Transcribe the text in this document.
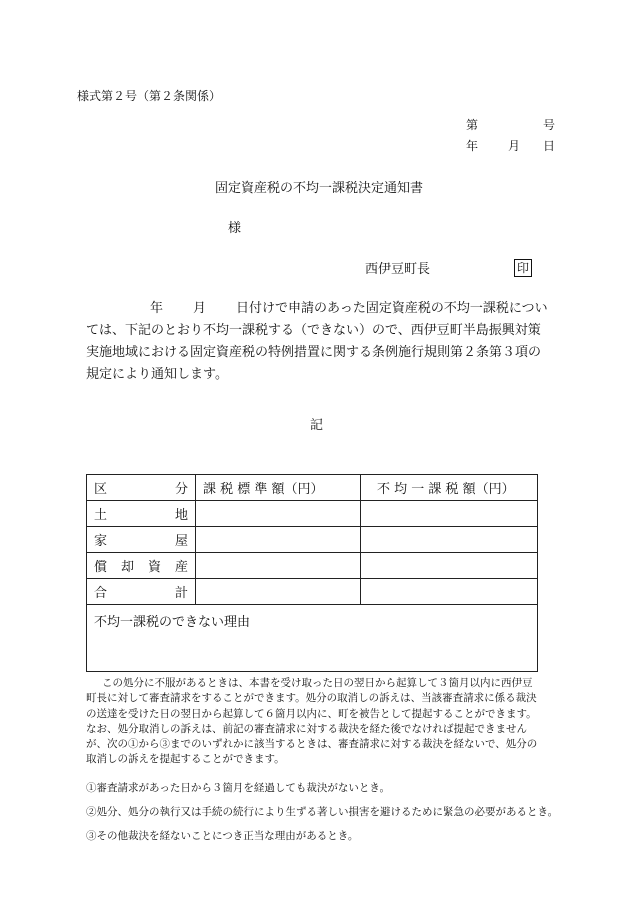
様式第２号（第２条関係）
第	号
年 月 日
固定資産税の不均一課税決定通知書
様
西伊豆町長	印
年 月 日付けで申請のあった固定資産税の不均一課税については、下記のとおり不均一課税する（できない）ので、西伊豆町半島振興対策実施地域における固定資産税の特例措置に関する条例施行規則第２条第３項の規定により通知します。
記
区 分	課 税 標 準 額（円）	不 均 一 課 税 額（円）

土 地		

家 屋		

償 却 資 産		

合 計		

不均一課税のできない理由		
この処分に不服があるときは、本書を受け取った日の翌日から起算して３箇月以内に西伊豆町長に対して審査請求をすることができます。処分の取消しの訴えは、当該審査請求に係る裁決の送達を受けた日の翌日から起算して６箇月以内に、町を被告として提起することができます。なお、処分取消しの訴えは、前記の審査請求に対する裁決を経た後でなければ提起できませんが、次の①から③までのいずれかに該当するときは、審査請求に対する裁決を経ないで、処分の取消しの訴えを提起することができます。
①審査請求があった日から３箇月を経過しても裁決がないとき。
②処分、処分の執行又は手続の続行により生ずる著しい損害を避けるために緊急の必要があるとき。
③その他裁決を経ないことにつき正当な理由があるとき。
